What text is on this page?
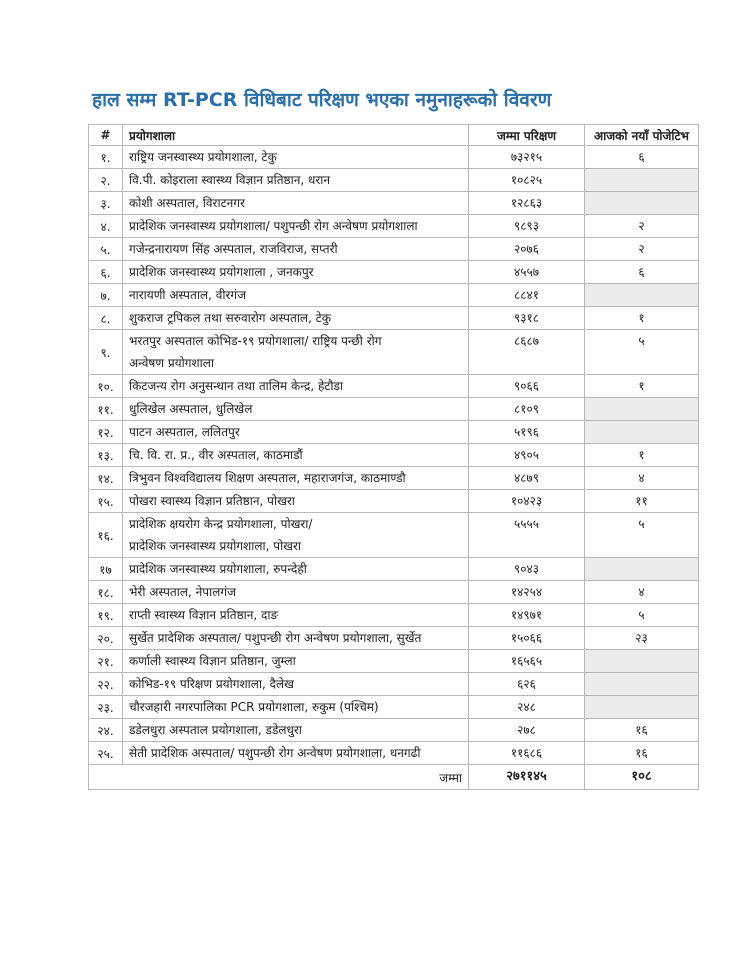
हाल सम्म RT-PCR विधिबाट परिक्षण भएका नमुनाहरूको विवरण
#	प्रयोगशाला	जम्मा परिक्षण	आजको नयाँ पोजेटिभ
१.	राष्ट्रिय जनस्वास्थ्य प्रयोगशाला, टेकु	७३२१५	६
२.	वि.पी. कोइराला स्वास्थ्य विज्ञान प्रतिष्ठान, धरान	१०८२५	
३.	कोशी अस्पताल, विराटनगर	१२८६३	
४.	प्रादेशिक जनस्वास्थ्य प्रयोगशाला/ पशुपन्छी रोग अन्वेषण प्रयोगशाला	९८९३	२
५.	गजेन्द्रनारायण सिंह अस्पताल, राजविराज, सप्तरी	२०७६	२
६.	प्रादेशिक जनस्वास्थ्य प्रयोगशाला , जनकपुर	४५५७	६
७.	नारायणी अस्पताल, वीरगंज	८८४१	
८.	शुकराज ट्रपिकल तथा सरुवारोग अस्पताल, टेकु	९३१८	१
९.	भरतपुर अस्पताल कोभिड-१९ प्रयोगशाला/ राष्ट्रिय पन्छी रोग
अन्वेषण प्रयोगशाला	८६८७	५
१०.	किटजन्य रोग अनुसन्धान तथा तालिम केन्द्र, हेटौडा	९०६६	१
११.	धुलिखेल अस्पताल, धुलिखेल	८१०९	
१२.	पाटन अस्पताल, ललितपुर	५१९६	
१३.	चि. वि. रा. प्र., वीर अस्पताल, काठमाडौं	४९०५	१
१४.	त्रिभुवन विश्वविद्यालय शिक्षण अस्पताल, महाराजगंज, काठमाण्डौ	४८७९	४
१५.	पोखरा स्वास्थ्य विज्ञान प्रतिष्ठान, पोखरा	१०४२३	११
१६.	प्रादेशिक क्षयरोग केन्द्र प्रयोगशाला, पोखरा/
प्रादेशिक जनस्वास्थ्य प्रयोगशाला, पोखरा	५५५५	५
१७	प्रादेशिक जनस्वास्थ्य प्रयोगशाला, रुपन्देही	९०४३	
१८.	भेरी अस्पताल, नेपालगंज	१४२५४	४
१९.	राप्ती स्वास्थ्य विज्ञान प्रतिष्ठान, दाङ	१४९७१	५
२०.	सुर्खेत प्रादेशिक अस्पताल/ पशुपन्छी रोग अन्वेषण प्रयोगशाला, सुर्खेत	१५०६६	२३
२१.	कर्णाली स्वास्थ्य विज्ञान प्रतिष्ठान, जुम्ला	१६५६५	
२२.	कोभिड-१९ परिक्षण प्रयोगशाला, दैलेख	६२६	
२३.	चौरजहारी नगरपालिका PCR प्रयोगशाला, रुकुम (पश्चिम)	२४८	
२४.	डडेलधुरा अस्पताल प्रयोगशाला, डडेलधुरा	२७८	१६
२५.	सेती प्रादेशिक अस्पताल/ पशुपन्छी रोग अन्वेषण प्रयोगशाला, धनगढी	११६८६	१६
जम्मा		२७११४५	१०८
